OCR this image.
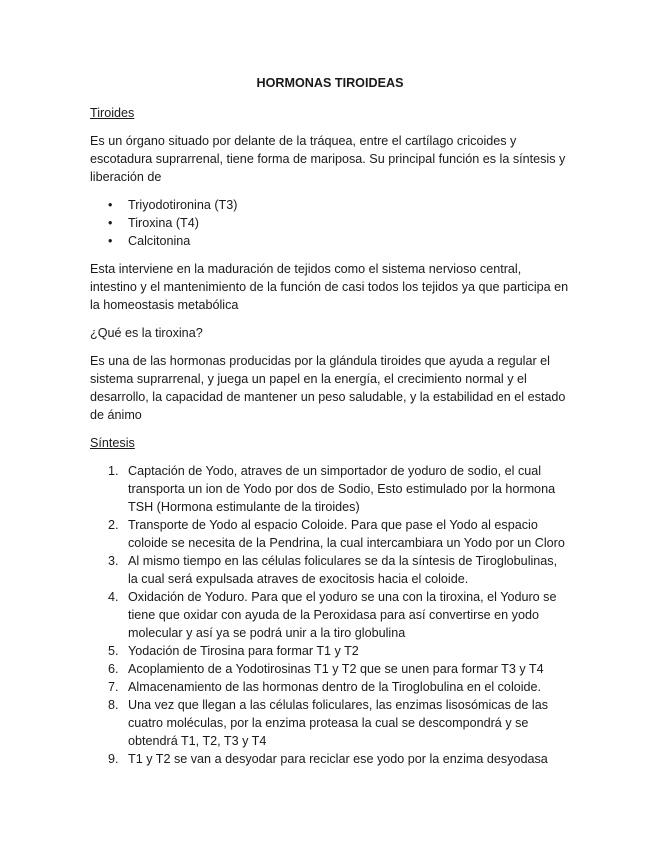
HORMONAS TIROIDEAS
Tiroides

Es un órgano situado por delante de la tráquea, entre el cartílago cricoides y escotadura suprarrenal, tiene forma de mariposa. Su principal función es la síntesis y liberación de

• Triyodotironina (T3)
• Tiroxina (T4)
• Calcitonina

Esta interviene en la maduración de tejidos como el sistema nervioso central, intestino y el mantenimiento de la función de casi todos los tejidos ya que participa en la homeostasis metabólica

¿Qué es la tiroxina?

Es una de las hormonas producidas por la glándula tiroides que ayuda a regular el sistema suprarrenal, y juega un papel en la energía, el crecimiento normal y el desarrollo, la capacidad de mantener un peso saludable, y la estabilidad en el estado de ánimo

Síntesis
1. Captación de Yodo, atraves de un simportador de yoduro de sodio, el cual transporta un ion de Yodo por dos de Sodio, Esto estimulado por la hormona TSH (Hormona estimulante de la tiroides)
2. Transporte de Yodo al espacio Coloide. Para que pase el Yodo al espacio coloide se necesita de la Pendrina, la cual intercambiara un Yodo por un Cloro
3. Al mismo tiempo en las células foliculares se da la síntesis de Tiroglobulinas, la cual será expulsada atraves de exocitosis hacia el coloide.
4. Oxidación de Yoduro. Para que el yoduro se una con la tiroxina, el Yoduro se tiene que oxidar con ayuda de la Peroxidasa para así convertirse en yodo molecular y así ya se podrá unir a la tiro globulina
5. Yodación de Tirosina para formar T1 y T2
6. Acoplamiento de a Yodotirosinas T1 y T2 que se unen para formar T3 y T4
7. Almacenamiento de las hormonas dentro de la Tiroglobulina en el coloide.
8. Una vez que llegan a las células foliculares, las enzimas lisosómicas de las cuatro moléculas, por la enzima proteasa la cual se descompondrá y se obtendrá T1, T2, T3 y T4
9. T1 y T2 se van a desyodar para reciclar ese yodo por la enzima desyodasa
